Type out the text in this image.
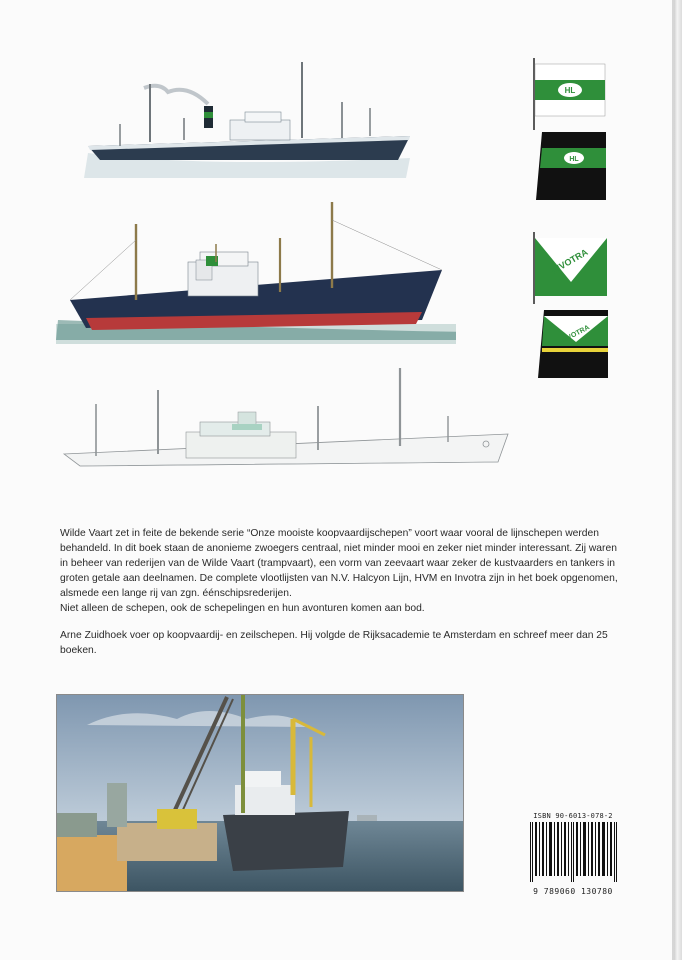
HL
HL
INVOTRA
INVOTRA

Wilde Vaart zet in feite de bekende serie “Onze mooiste koopvaardijschepen” voort waar vooral de lijnschepen werden behandeld. In dit boek staan de anonieme zwoegers centraal, niet minder mooi en zeker niet minder interessant. Zij waren in beheer van rederijen van de Wilde Vaart (trampvaart), een vorm van zeevaart waar zeker de kustvaarders en tankers in groten getale aan deelnamen. De complete vlootlijsten van N.V. Halcyon Lijn, HVM en Invotra zijn in het boek opgenomen, alsmede een lange rij van zgn. éénschipsrederijen.
Niet alleen de schepen, ook de schepelingen en hun avonturen komen aan bod.

Arne Zuidhoek voer op koopvaardij- en zeilschepen. Hij volgde de Rijksacademie te Amsterdam en schreef meer dan 25 boeken.

ISBN 90-6013-078-2
9 789060 130780
